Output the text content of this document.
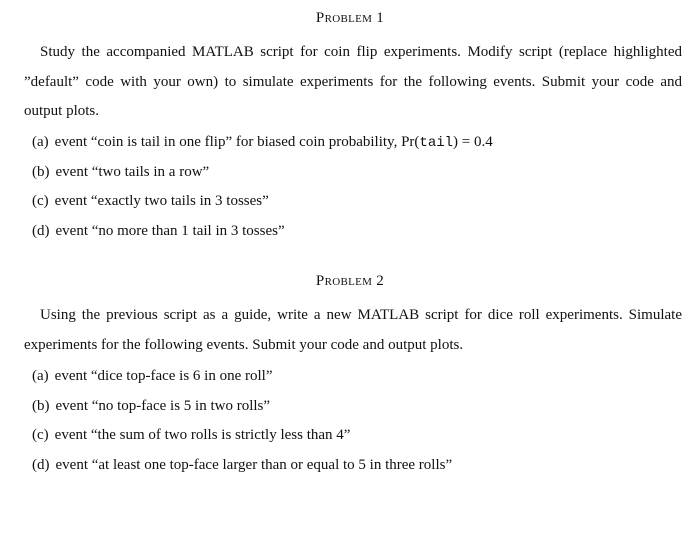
Problem 1

Study the accompanied MATLAB script for coin flip experiments. Modify script (replace highlighted ”default” code with your own) to simulate experiments for the following events. Submit your code and output plots.

(a) event “coin is tail in one flip” for biased coin probability, Pr(tail) = 0.4
(b) event “two tails in a row”
(c) event “exactly two tails in 3 tosses”
(d) event “no more than 1 tail in 3 tosses”
Problem 2

Using the previous script as a guide, write a new MATLAB script for dice roll experiments. Simulate experiments for the following events. Submit your code and output plots.

(a) event “dice top-face is 6 in one roll”
(b) event “no top-face is 5 in two rolls”
(c) event “the sum of two rolls is strictly less than 4”
(d) event “at least one top-face larger than or equal to 5 in three rolls”
